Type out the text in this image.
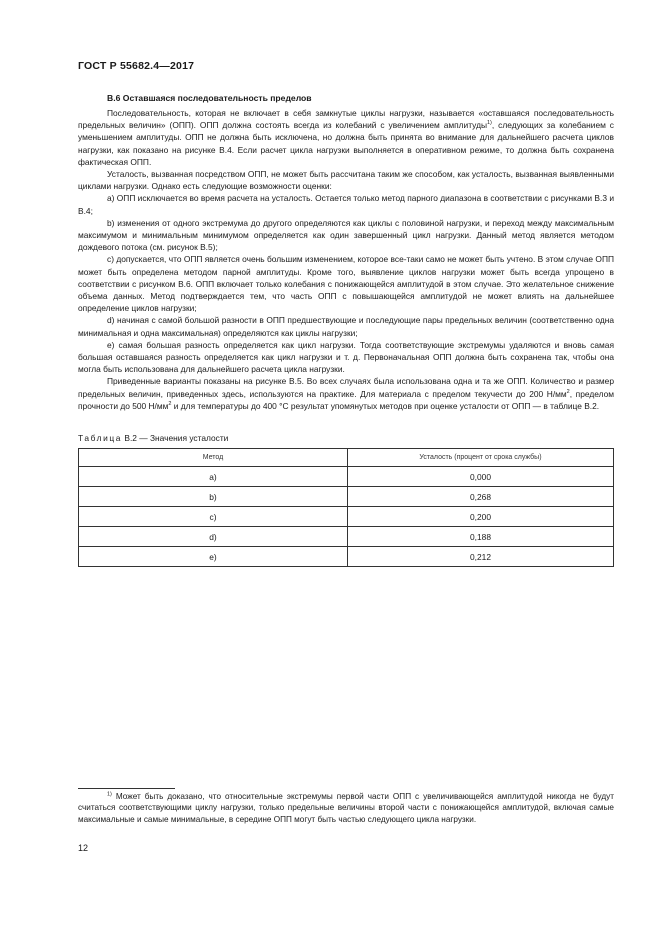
ГОСТ Р 55682.4—2017
В.6 Оставшаяся последовательность пределов

Последовательность, которая не включает в себя замкнутые циклы нагрузки, называется «оставшаяся последовательность предельных величин» (ОПП). ОПП должна состоять всегда из колебаний с увеличением амплитуды$^{1)}$, следующих за колебанием с уменьшением амплитуды. ОПП не должна быть исключена, но должна быть принята во внимание для дальнейшего расчета циклов нагрузки, как показано на рисунке В.4. Если расчет цикла нагрузки выполняется в оперативном режиме, то должна быть сохранена фактическая ОПП.

Усталость, вызванная посредством ОПП, не может быть рассчитана таким же способом, как усталость, вызванная выявленными циклами нагрузки. Однако есть следующие возможности оценки:

а) ОПП исключается во время расчета на усталость. Остается только метод парного диапазона в соответствии с рисунками В.3 и В.4;

b) изменения от одного экстремума до другого определяются как циклы с половиной нагрузки, и переход между максимальным максимумом и минимальным минимумом определяется как один завершенный цикл нагрузки. Данный метод является методом дождевого потока (см. рисунок В.5);

c) допускается, что ОПП является очень большим изменением, которое все-таки само не может быть учтено. В этом случае ОПП может быть определена методом парной амплитуды. Кроме того, выявление циклов нагрузки может быть всегда упрощено в соответствии с рисунком В.6. ОПП включает только колебания с понижающейся амплитудой в этом случае. Это желательное снижение объема данных. Метод подтверждается тем, что часть ОПП с повышающейся амплитудой не может влиять на дальнейшее определение циклов нагрузки;

d) начиная с самой большой разности в ОПП предшествующие и последующие пары предельных величин (соответственно одна минимальная и одна максимальная) определяются как циклы нагрузки;

е) самая большая разность определяется как цикл нагрузки. Тогда соответствующие экстремумы удаляются и вновь самая большая оставшаяся разность определяется как цикл нагрузки и т. д. Первоначальная ОПП должна быть сохранена так, чтобы она могла быть использована для дальнейшего расчета цикла нагрузки.

Приведенные варианты показаны на рисунке В.5. Во всех случаях была использована одна и та же ОПП. Количество и размер предельных величин, приведенных здесь, используются на практике. Для материала с пределом текучести до 200 $Н/мм^2$, пределом прочности до 500 $Н/мм^2$ и для температуры до 400 °С результат упомянутых методов при оценке усталости от ОПП — в таблице В.2.

Таблица В.2 — Значения усталости
Метод	Усталость (процент от срока службы)
а)	0,000
b)	0,268
c)	0,200
d)	0,188
е)	0,212

$^{1)}$ Может быть доказано, что относительные экстремумы первой части ОПП с увеличивающейся амплитудой никогда не будут считаться соответствующими циклу нагрузки, только предельные величины второй части с понижающейся амплитудой, включая самые максимальные и самые минимальные, в середине ОПП могут быть частью следующего цикла нагрузки.

12
